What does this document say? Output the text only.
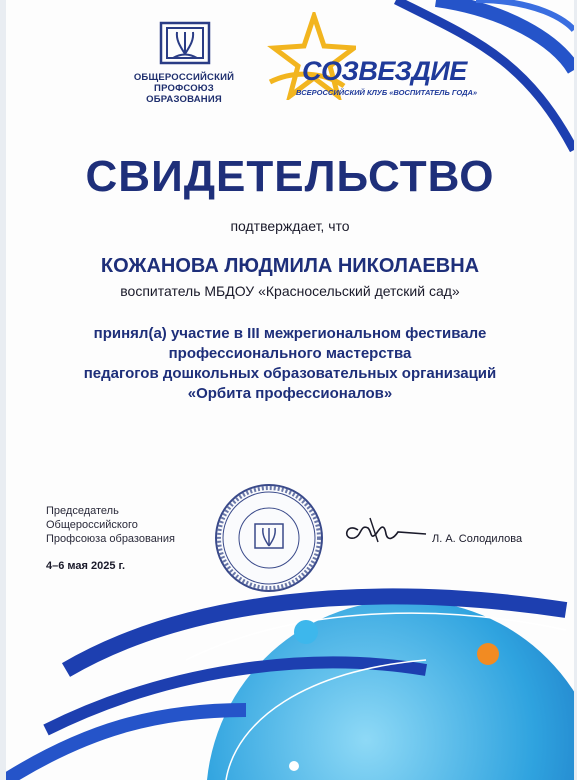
ОБЩЕРОССИЙСКИЙ
ПРОФСОЮЗ
ОБРАЗОВАНИЯ
СОЗВЕЗДИЕ
ВСЕРОССИЙСКИЙ КЛУБ «ВОСПИТАТЕЛЬ ГОДА»
СВИДЕТЕЛЬСТВО
подтверждает, что
КОЖАНОВА ЛЮДМИЛА НИКОЛАЕВНА
воспитатель МБДОУ «Красносельский детский сад»
принял(а) участие в III межрегиональном фестивале
профессионального мастерства
педагогов дошкольных образовательных организаций
«Орбита профессионалов»
Председатель
Общероссийского
Профсоюза образования
4–6 мая 2025 г.
Л. А. Солодилова
